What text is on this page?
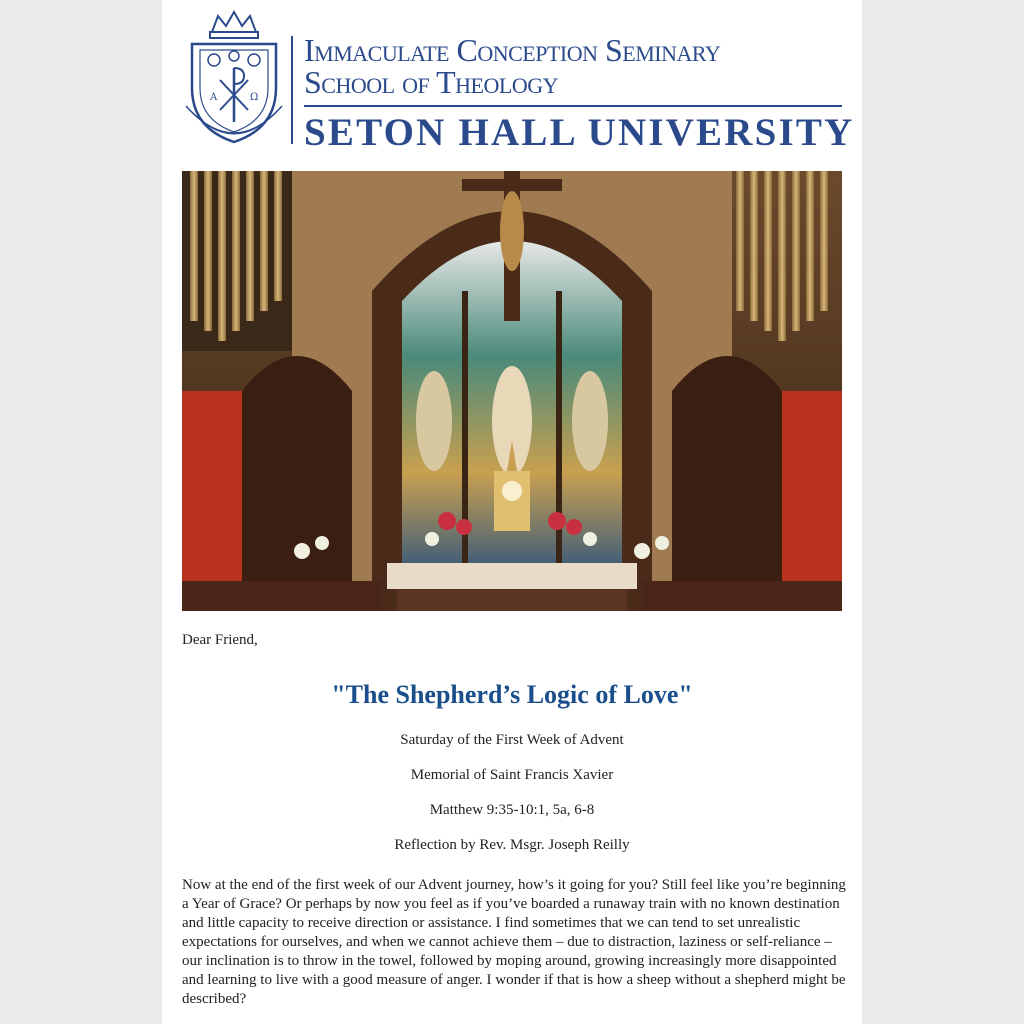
A	Ω
Immaculate Conception Seminary
School of Theology
SETON HALL UNIVERSITY
Dear Friend,
"The Shepherd’s Logic of Love"
Saturday of the First Week of Advent
Memorial of Saint Francis Xavier
Matthew 9:35-10:1, 5a, 6-8
Reflection by Rev. Msgr. Joseph Reilly
Now at the end of the first week of our Advent journey, how’s it going for you? Still feel like you’re beginning a Year of Grace? Or perhaps by now you feel as if you’ve boarded a runaway train with no known destination and little capacity to receive direction or assistance. I find sometimes that we can tend to set unrealistic expectations for ourselves, and when we cannot achieve them – due to distraction, laziness or self-reliance – our inclination is to throw in the towel, followed by moping around, growing increasingly more disappointed and learning to live with a good measure of anger. I wonder if that is how a sheep without a shepherd might be described?
